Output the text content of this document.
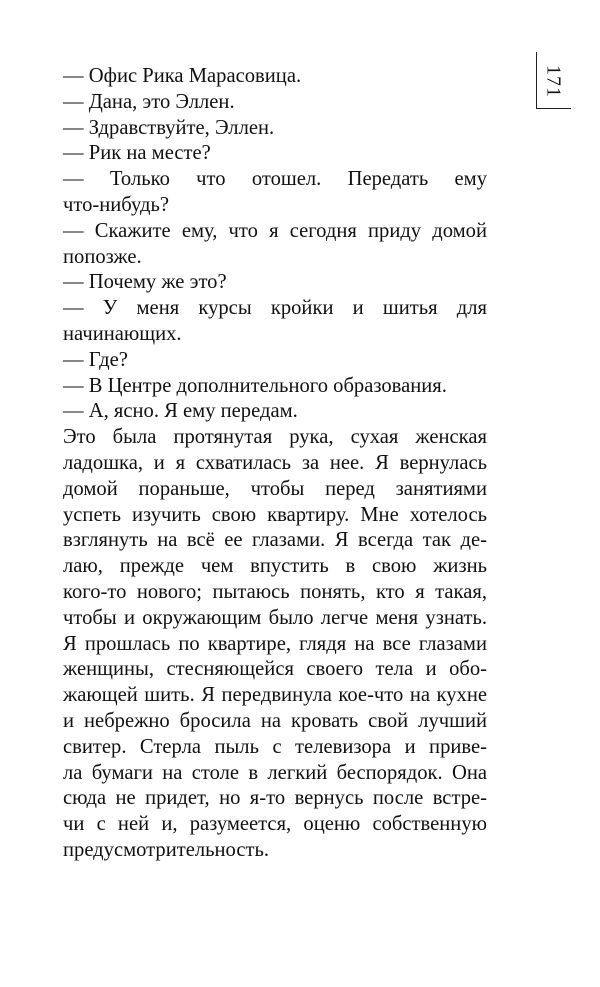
171
— Офис Рика Марасовица.
— Дана, это Эллен.
— Здравствуйте, Эллен.
— Рик на месте?
— Только что отошел. Передать ему
что-нибудь?
— Скажите ему, что я сегодня приду домой
попозже.
— Почему же это?
— У меня курсы кройки и шитья для
начинающих.
— Где?
— В Центре дополнительного образования.
— А, ясно. Я ему передам.
Это была протянутая рука, сухая женская
ладошка, и я схватилась за нее. Я вернулась
домой пораньше, чтобы перед занятиями
успеть изучить свою квартиру. Мне хотелось
взглянуть на всё ее глазами. Я всегда так де-
лаю, прежде чем впустить в свою жизнь
кого-то нового; пытаюсь понять, кто я такая,
чтобы и окружающим было легче меня узнать.
Я прошлась по квартире, глядя на все глазами
женщины, стесняющейся своего тела и обо-
жающей шить. Я передвинула кое-что на кухне
и небрежно бросила на кровать свой лучший
свитер. Стерла пыль с телевизора и приве-
ла бумаги на столе в легкий беспорядок. Она
сюда не придет, но я-то вернусь после встре-
чи с ней и, разумеется, оценю собственную
предусмотрительность.
